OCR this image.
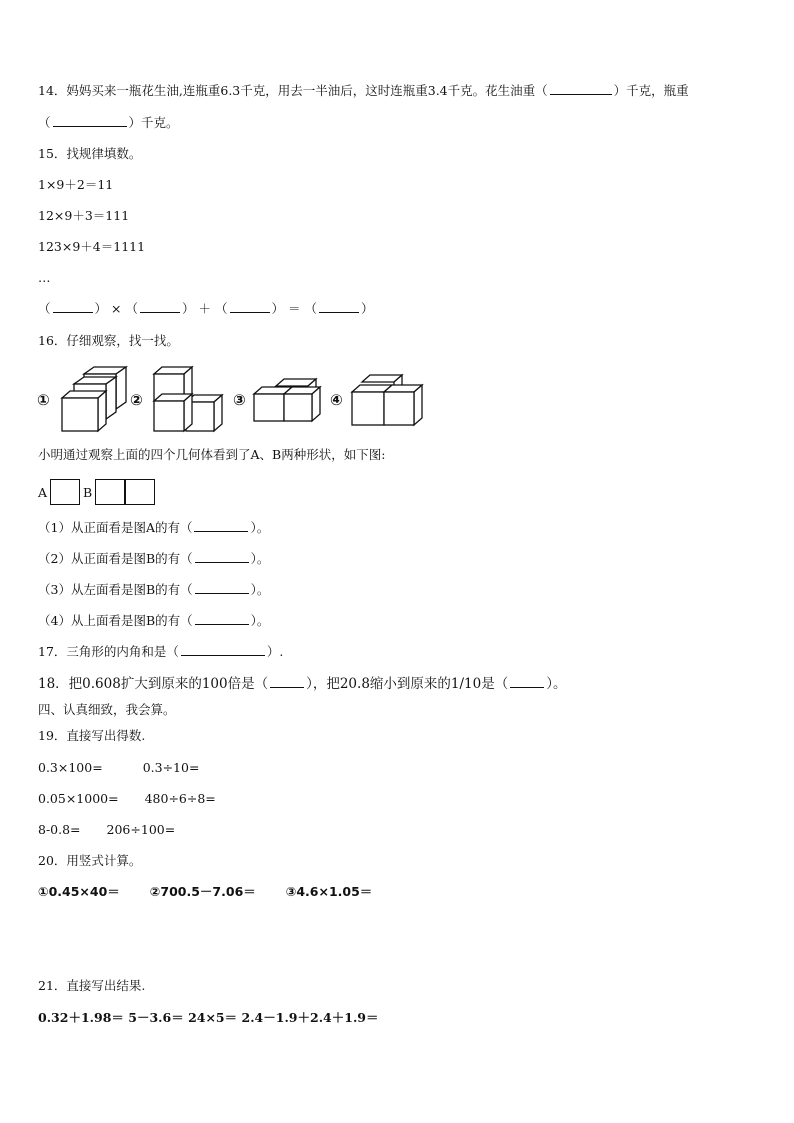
14．妈妈买来一瓶花生油,连瓶重6.3千克，用去一半油后，这时连瓶重3.4千克。花生油重（	）千克，瓶重
（	）千克。
15．找规律填数。
1×9＋2＝11
12×9＋3＝111
123×9＋4＝1111
…
（	） × （	） ＋ （	） ＝ （	）
16．仔细观察，找一找。
①	②	③	④
小明通过观察上面的四个几何体看到了A、B两种形状，如下图:
A	B
（1）从正面看是图A的有（	）。
（2）从正面看是图B的有（	）。
（3）从左面看是图B的有（	）。
（4）从上面看是图B的有（	）。
17．三角形的内角和是（	）.
18．把0.608扩大到原来的100倍是（	），把20.8缩小到原来的1/10是（	）。
四、认真细致，我会算。
19．直接写出得数.
0.3×100=	0.3÷10=
0.05×1000= 480÷6÷8=
8-0.8= 206÷100=
20．用竖式计算。
①0.45×40＝ ②700.5－7.06＝ ③4.6×1.05＝
21．直接写出结果.
0.32＋1.98＝ 5－3.6＝ 24×5＝ 2.4－1.9＋2.4＋1.9＝
